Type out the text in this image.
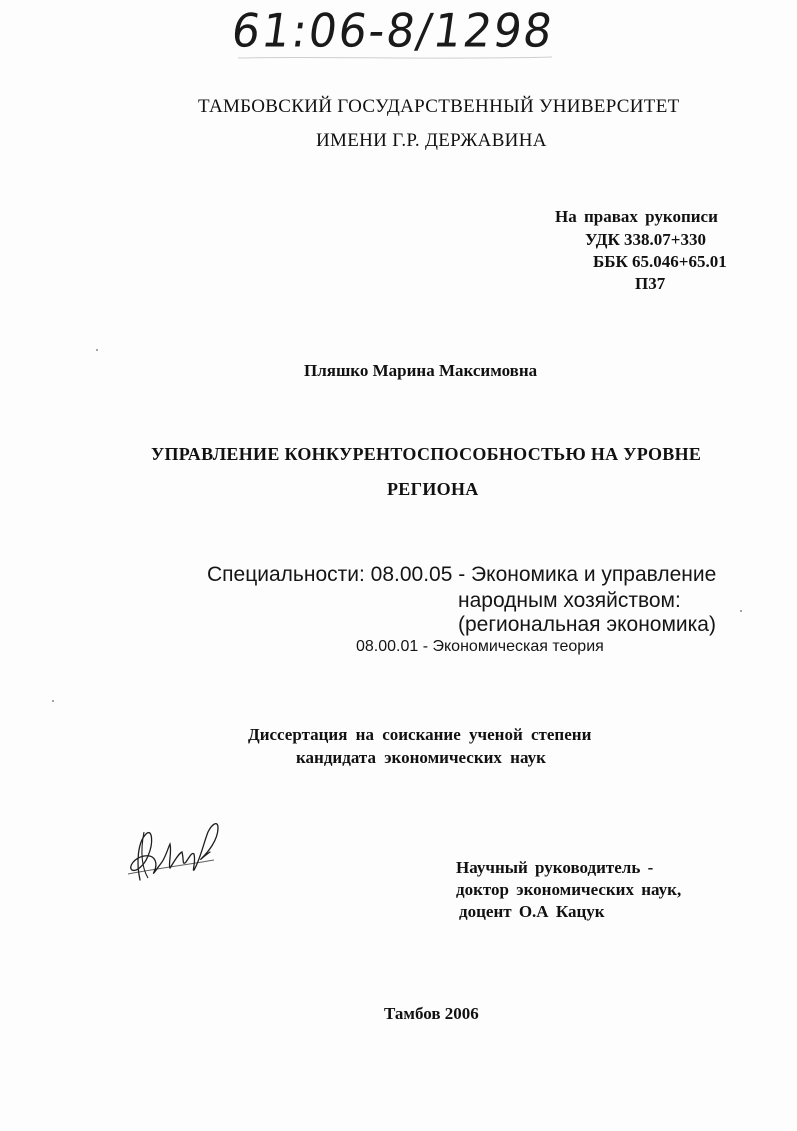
61:06-8/1298
ТАМБОВСКИЙ ГОСУДАРСТВЕННЫЙ УНИВЕРСИТЕТ
ИМЕНИ Г.Р. ДЕРЖАВИНА
На правах рукописи
УДК 338.07+330
ББК 65.046+65.01
П37
Пляшко Марина Максимовна
УПРАВЛЕНИЕ КОНКУРЕНТОСПОСОБНОСТЬЮ НА УРОВНЕ
РЕГИОНА
Специальности: 08.00.05 - Экономика и управление
народным хозяйством:
(региональная экономика)
08.00.01 - Экономическая теория
Диссертация на соискание ученой степени
кандидата экономических наук
Научный руководитель -
доктор экономических наук,
доцент О.А Кацук
Тамбов 2006
